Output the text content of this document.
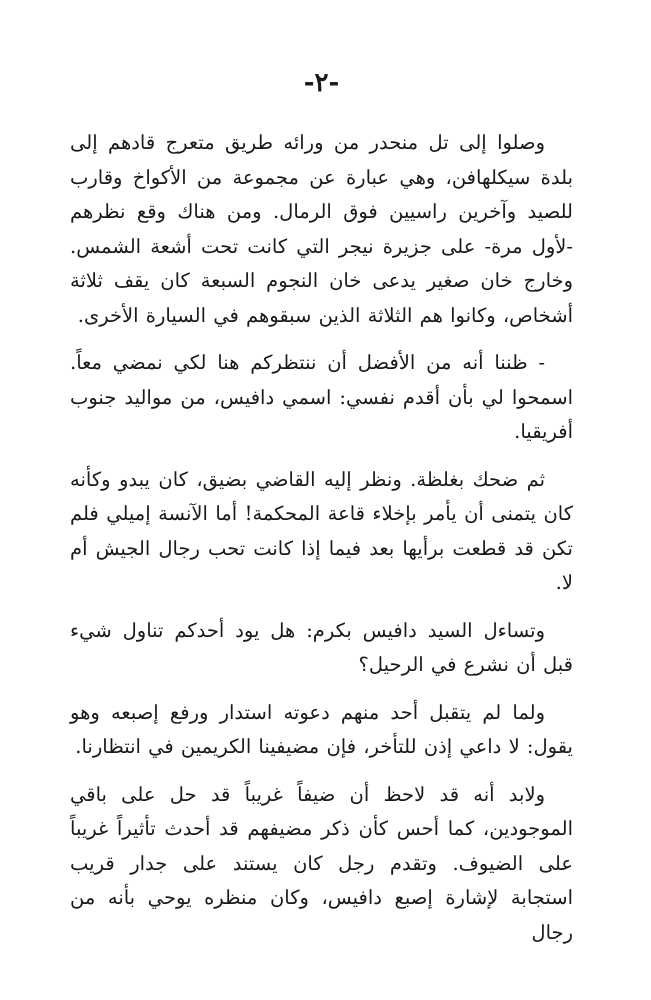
-٢-

وصلوا إلى تل منحدر من ورائه طريق متعرج قادهم إلى بلدة سيكلهافن، وهي عبارة عن مجموعة من الأكواخ وقارب للصيد وآخرين راسيين فوق الرمال. ومن هناك وقع نظرهم -لأول مرة- على جزيرة نيجر التي كانت تحت أشعة الشمس. وخارج خان صغير يدعى خان النجوم السبعة كان يقف ثلاثة أشخاص، وكانوا هم الثلاثة الذين سبقوهم في السيارة الأخرى.

- ظننا أنه من الأفضل أن ننتظركم هنا لكي نمضي معاً. اسمحوا لي بأن أقدم نفسي: اسمي دافيس، من مواليد جنوب أفريقيا.

ثم ضحك بغلظة. ونظر إليه القاضي بضيق، كان يبدو وكأنه كان يتمنى أن يأمر بإخلاء قاعة المحكمة! أما الآنسة إميلي فلم تكن قد قطعت برأيها بعد فيما إذا كانت تحب رجال الجيش أم لا.

وتساءل السيد دافيس بكرم: هل يود أحدكم تناول شيء قبل أن نشرع في الرحيل؟

ولما لم يتقبل أحد منهم دعوته استدار ورفع إصبعه وهو يقول: لا داعي إذن للتأخر، فإن مضيفينا الكريمين في انتظارنا.

ولابد أنه قد لاحظ أن ضيفاً غريباً قد حل على باقي الموجودين، كما أحس كأن ذكر مضيفهم قد أحدث تأثيراً غريباً على الضيوف. وتقدم رجل كان يستند على جدار قريب استجابة لإشارة إصبع دافيس، وكان منظره يوحي بأنه من رجال
